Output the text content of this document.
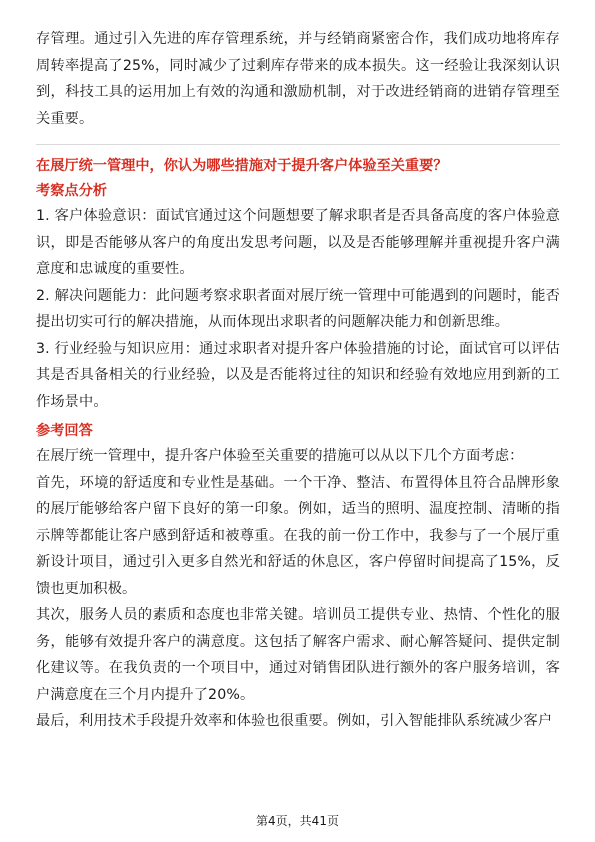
存管理。通过引入先进的库存管理系统，并与经销商紧密合作，我们成功地将库存周转率提高了25%，同时减少了过剩库存带来的成本损失。这一经验让我深刻认识到，科技工具的运用加上有效的沟通和激励机制，对于改进经销商的进销存管理至关重要。

在展厅统一管理中，你认为哪些措施对于提升客户体验至关重要？
考察点分析

1. 客户体验意识：面试官通过这个问题想要了解求职者是否具备高度的客户体验意识，即是否能够从客户的角度出发思考问题，以及是否能够理解并重视提升客户满意度和忠诚度的重要性。

2. 解决问题能力：此问题考察求职者面对展厅统一管理中可能遇到的问题时，能否提出切实可行的解决措施，从而体现出求职者的问题解决能力和创新思维。

3. 行业经验与知识应用：通过求职者对提升客户体验措施的讨论，面试官可以评估其是否具备相关的行业经验，以及是否能将过往的知识和经验有效地应用到新的工作场景中。

参考回答

在展厅统一管理中，提升客户体验至关重要的措施可以从以下几个方面考虑：

首先，环境的舒适度和专业性是基础。一个干净、整洁、布置得体且符合品牌形象的展厅能够给客户留下良好的第一印象。例如，适当的照明、温度控制、清晰的指示牌等都能让客户感到舒适和被尊重。在我的前一份工作中，我参与了一个展厅重新设计项目，通过引入更多自然光和舒适的休息区，客户停留时间提高了15%，反馈也更加积极。

其次，服务人员的素质和态度也非常关键。培训员工提供专业、热情、个性化的服务，能够有效提升客户的满意度。这包括了解客户需求、耐心解答疑问、提供定制化建议等。在我负责的一个项目中，通过对销售团队进行额外的客户服务培训，客户满意度在三个月内提升了20%。

最后，利用技术手段提升效率和体验也很重要。例如，引入智能排队系统减少客户

第4页，共41页
